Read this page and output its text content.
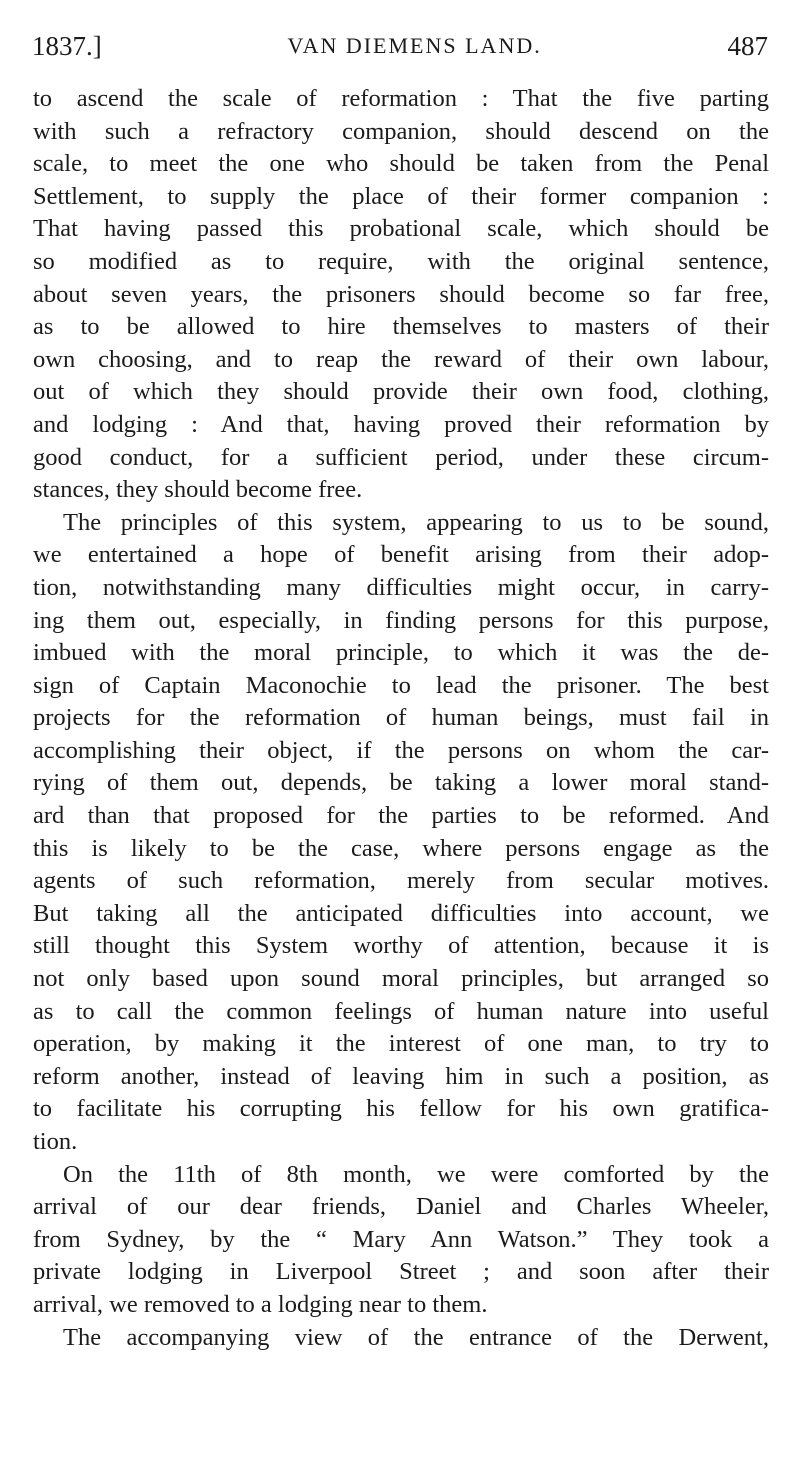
1837.]	VAN DIEMENS LAND.	487
to ascend the scale of reformation : That the five parting
with such a refractory companion, should descend on the
scale, to meet the one who should be taken from the Penal
Settlement, to supply the place of their former companion :
That having passed this probational scale, which should be
so modified as to require, with the original sentence,
about seven years, the prisoners should become so far free,
as to be allowed to hire themselves to masters of their
own choosing, and to reap the reward of their own labour,
out of which they should provide their own food, clothing,
and lodging : And that, having proved their reformation by
good conduct, for a sufficient period, under these circum-
stances, they should become free.
The principles of this system, appearing to us to be sound,
we entertained a hope of benefit arising from their adop-
tion, notwithstanding many difficulties might occur, in carry-
ing them out, especially, in finding persons for this purpose,
imbued with the moral principle, to which it was the de-
sign of Captain Maconochie to lead the prisoner. The best
projects for the reformation of human beings, must fail in
accomplishing their object, if the persons on whom the car-
rying of them out, depends, be taking a lower moral stand-
ard than that proposed for the parties to be reformed. And
this is likely to be the case, where persons engage as the
agents of such reformation, merely from secular motives.
But taking all the anticipated difficulties into account, we
still thought this System worthy of attention, because it is
not only based upon sound moral principles, but arranged so
as to call the common feelings of human nature into useful
operation, by making it the interest of one man, to try to
reform another, instead of leaving him in such a position, as
to facilitate his corrupting his fellow for his own gratifica-
tion.
On the 11th of 8th month, we were comforted by the
arrival of our dear friends, Daniel and Charles Wheeler,
from Sydney, by the “ Mary Ann Watson.” They took a
private lodging in Liverpool Street ; and soon after their
arrival, we removed to a lodging near to them.
The accompanying view of the entrance of the Derwent,
